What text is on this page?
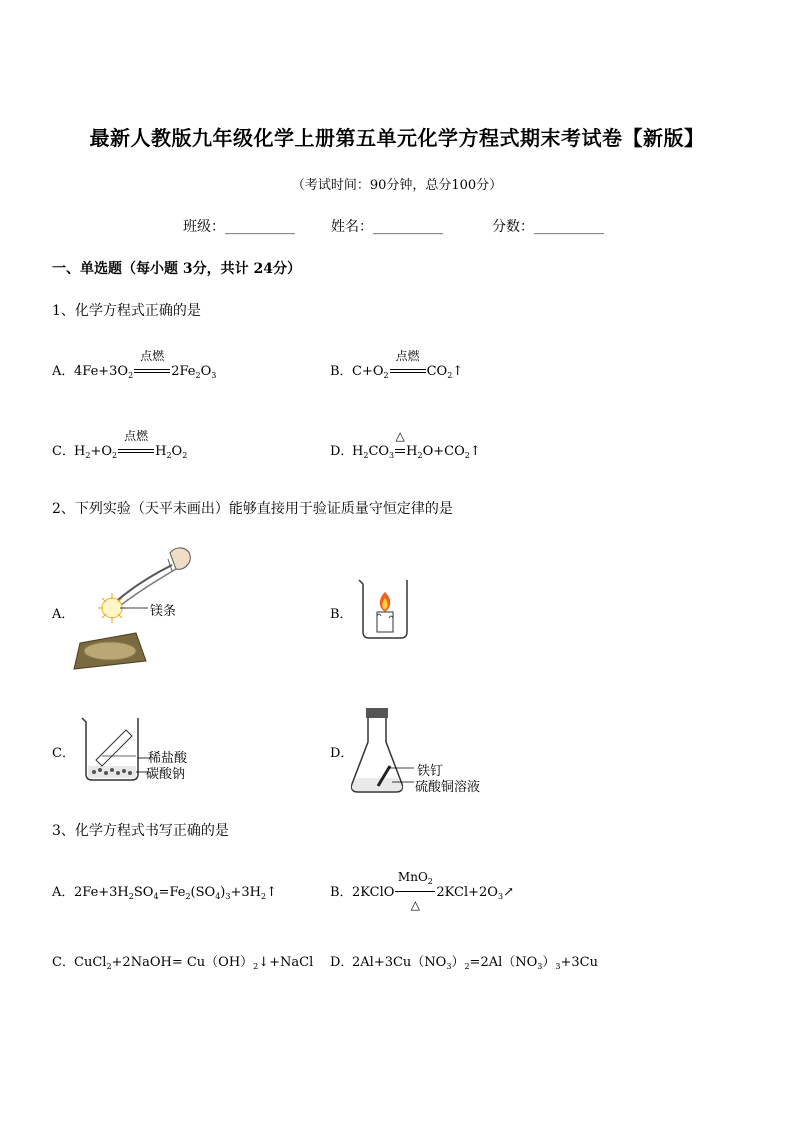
最新人教版九年级化学上册第五单元化学方程式期末考试卷【新版】
（考试时间：90分钟，总分100分）
班级：__________	姓名：__________	分数：__________
一、单选题（每小题 3分，共计 24分）
1、化学方程式正确的是
A．$4Fe+3O_2$
点燃
$2Fe_2O_3$	B．$C+O_2$
点燃
$CO_2↑$
C．$H_2+O_2$
点燃
$H_2O_2$	D．$H_2CO_3$
△
$H_2O+CO_2↑$
2、下列实验（天平未画出）能够直接用于验证质量守恒定律的是
A．	镁条	B．
C．	稀盐酸
碳酸钠
D．
铁钉
硫酸铜溶液
3、化学方程式书写正确的是
A．$2Fe+3H_2SO_4=Fe_2(SO_4)_3+3H_2↑$	B．2KClO
MnO$_2$
△
$2KCl+2O_3↗$
C．CuCl$_2$+2NaOH= $Cu(OH)_2↓+NaCl$ D．$2Al+3Cu(NO_3)_2=2Al(NO_3)_3+3Cu$
